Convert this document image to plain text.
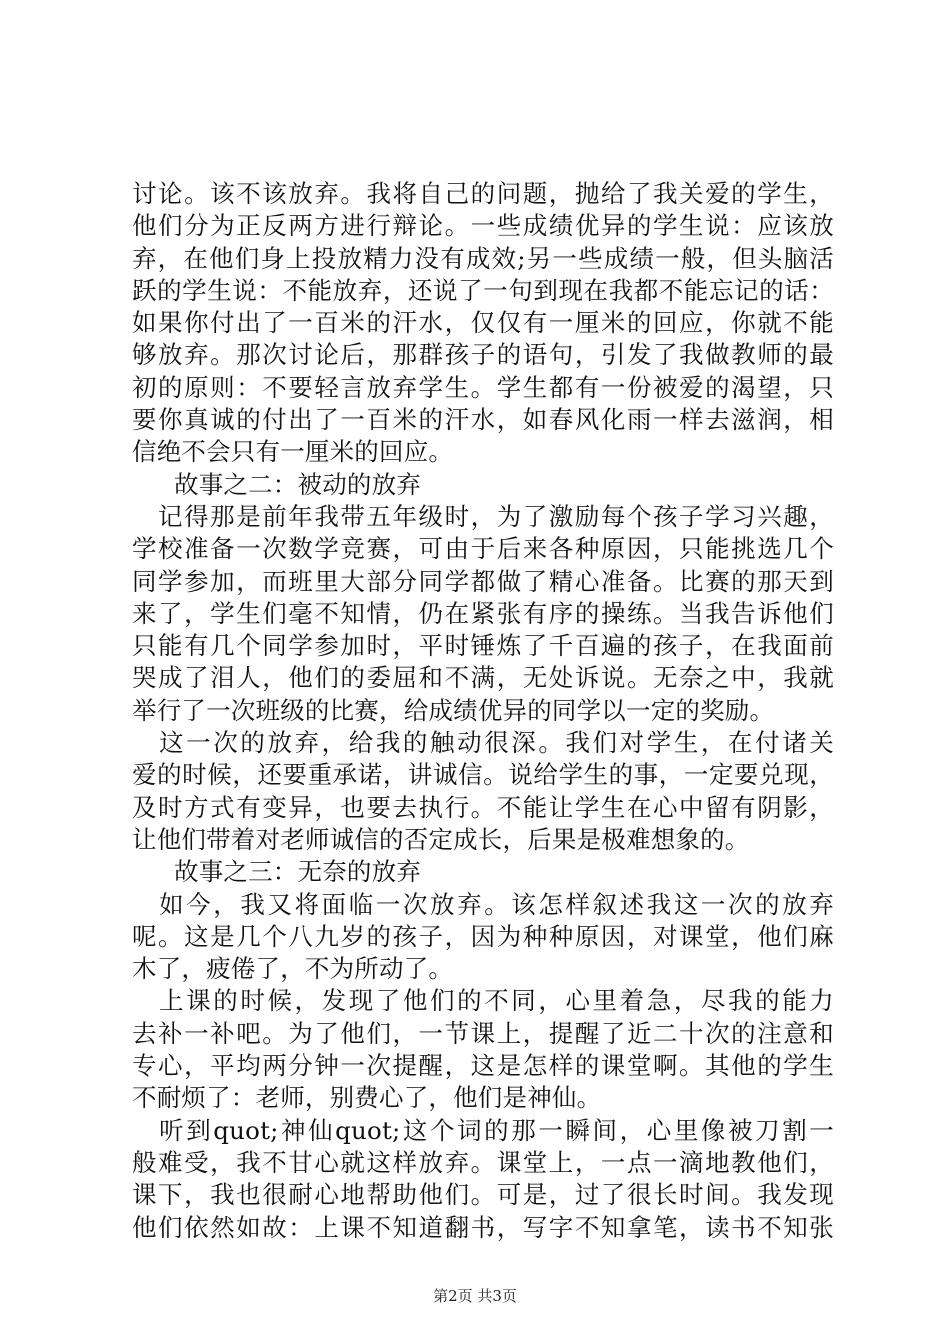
讨论。该不该放弃。我将自己的问题，抛给了我关爱的学生，
他们分为正反两方进行辩论。一些成绩优异的学生说：应该放
弃，在他们身上投放精力没有成效;另一些成绩一般，但头脑活
跃的学生说：不能放弃，还说了一句到现在我都不能忘记的话：
如果你付出了一百米的汗水，仅仅有一厘米的回应，你就不能
够放弃。那次讨论后，那群孩子的语句，引发了我做教师的最
初的原则：不要轻言放弃学生。学生都有一份被爱的渴望，只
要你真诚的付出了一百米的汗水，如春风化雨一样去滋润，相
信绝不会只有一厘米的回应。
故事之二：被动的放弃
　记得那是前年我带五年级时，为了激励每个孩子学习兴趣，
学校准备一次数学竞赛，可由于后来各种原因，只能挑选几个
同学参加，而班里大部分同学都做了精心准备。比赛的那天到
来了，学生们毫不知情，仍在紧张有序的操练。当我告诉他们
只能有几个同学参加时，平时锤炼了千百遍的孩子，在我面前
哭成了泪人，他们的委屈和不满，无处诉说。无奈之中，我就
举行了一次班级的比赛，给成绩优异的同学以一定的奖励。
　这一次的放弃，给我的触动很深。我们对学生，在付诸关
爱的时候，还要重承诺，讲诚信。说给学生的事，一定要兑现，
及时方式有变异，也要去执行。不能让学生在心中留有阴影，
让他们带着对老师诚信的否定成长，后果是极难想象的。
故事之三：无奈的放弃
　如今，我又将面临一次放弃。该怎样叙述我这一次的放弃
呢。这是几个八九岁的孩子，因为种种原因，对课堂，他们麻
木了，疲倦了，不为所动了。
　上课的时候，发现了他们的不同，心里着急，尽我的能力
去补一补吧。为了他们，一节课上，提醒了近二十次的注意和
专心，平均两分钟一次提醒，这是怎样的课堂啊。其他的学生
不耐烦了：老师，别费心了，他们是神仙。
　听到quot;神仙quot;这个词的那一瞬间，心里像被刀割一
般难受，我不甘心就这样放弃。课堂上，一点一滴地教他们，
课下，我也很耐心地帮助他们。可是，过了很长时间。我发现
他们依然如故：上课不知道翻书，写字不知拿笔，读书不知张
第2页 共3页
